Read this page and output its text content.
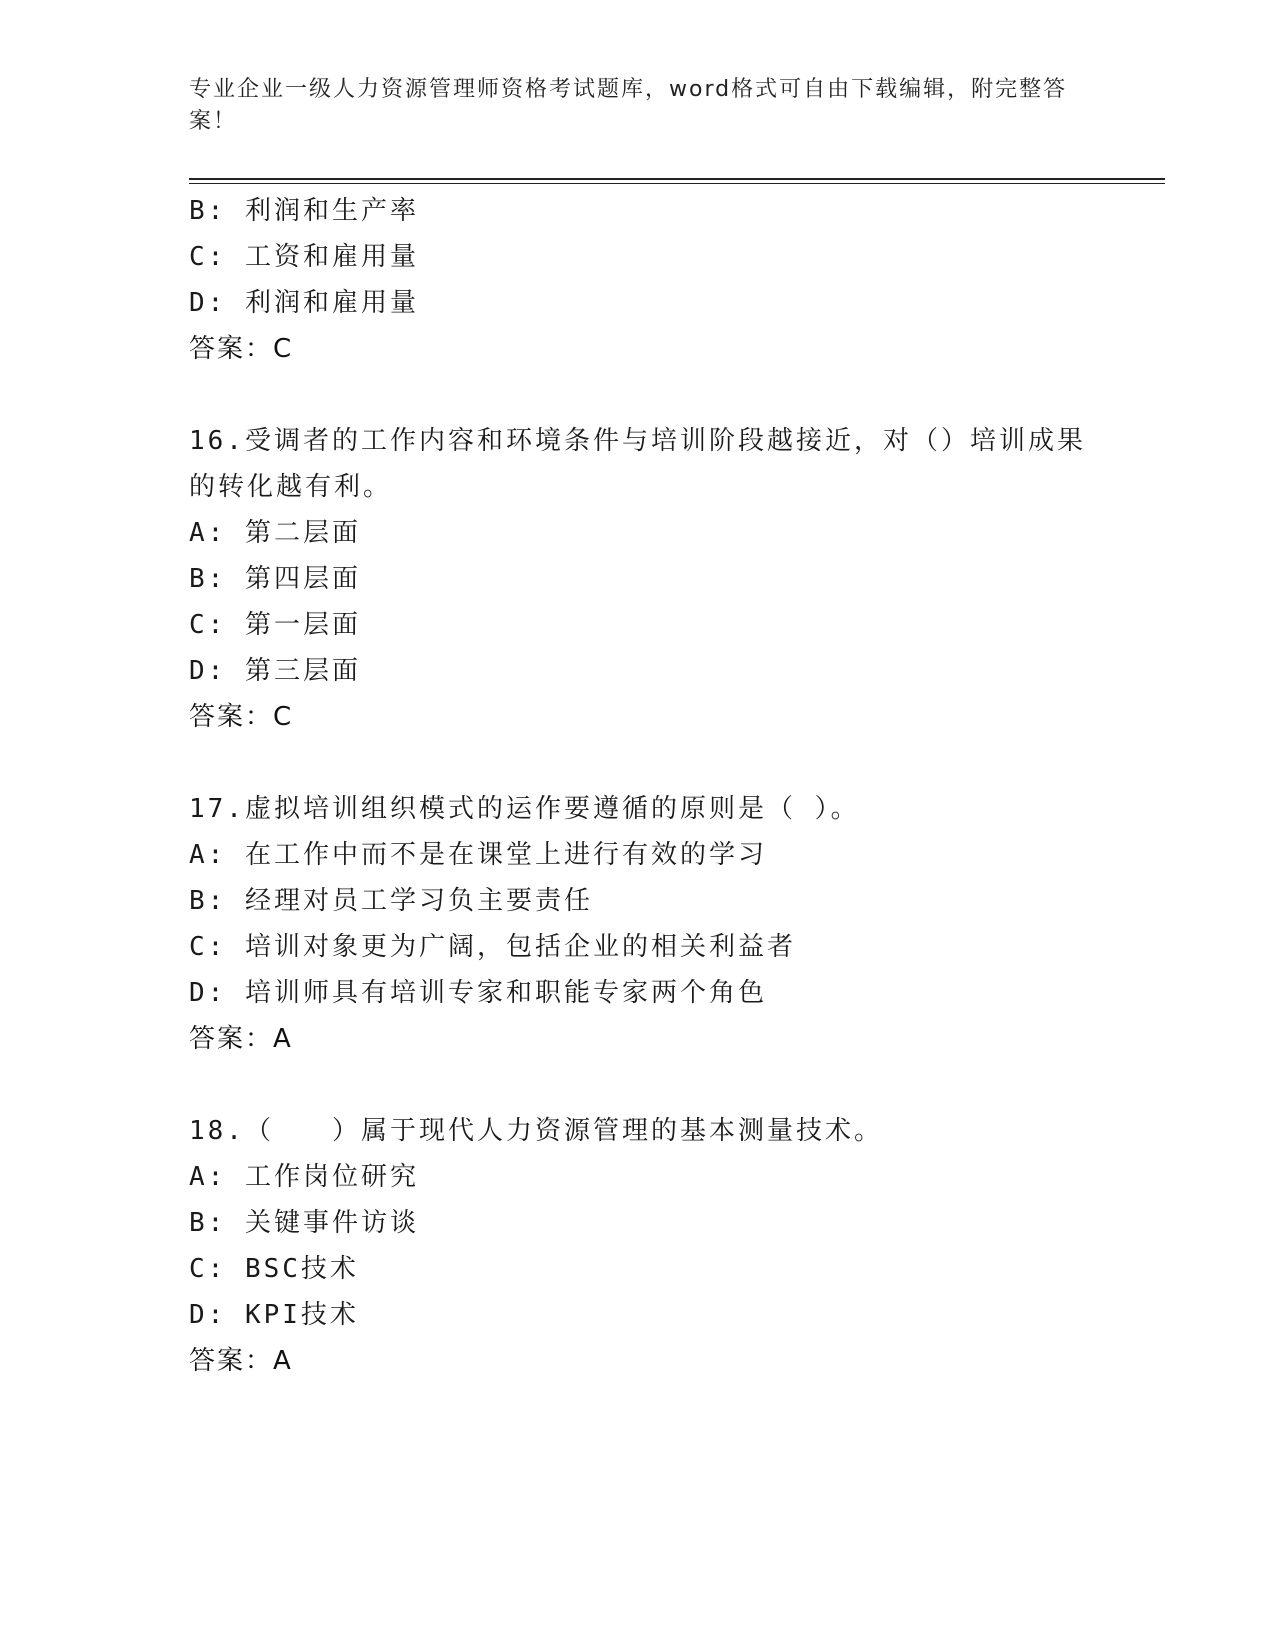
专业企业一级人力资源管理师资格考试题库，word格式可自由下载编辑，附完整答案！
B: 利润和生产率
C: 工资和雇用量
D: 利润和雇用量
答案：C
16.受调者的工作内容和环境条件与培训阶段越接近，对（）培训成果的转化越有利。
A: 第二层面
B: 第四层面
C: 第一层面
D: 第三层面
答案：C
17.虚拟培训组织模式的运作要遵循的原则是（ ）。
A: 在工作中而不是在课堂上进行有效的学习
B: 经理对员工学习负主要责任
C: 培训对象更为广阔，包括企业的相关利益者
D: 培训师具有培训专家和职能专家两个角色
答案：A
18.（　　）属于现代人力资源管理的基本测量技术。
A: 工作岗位研究
B: 关键事件访谈
C: BSC技术
D: KPI技术
答案：A
